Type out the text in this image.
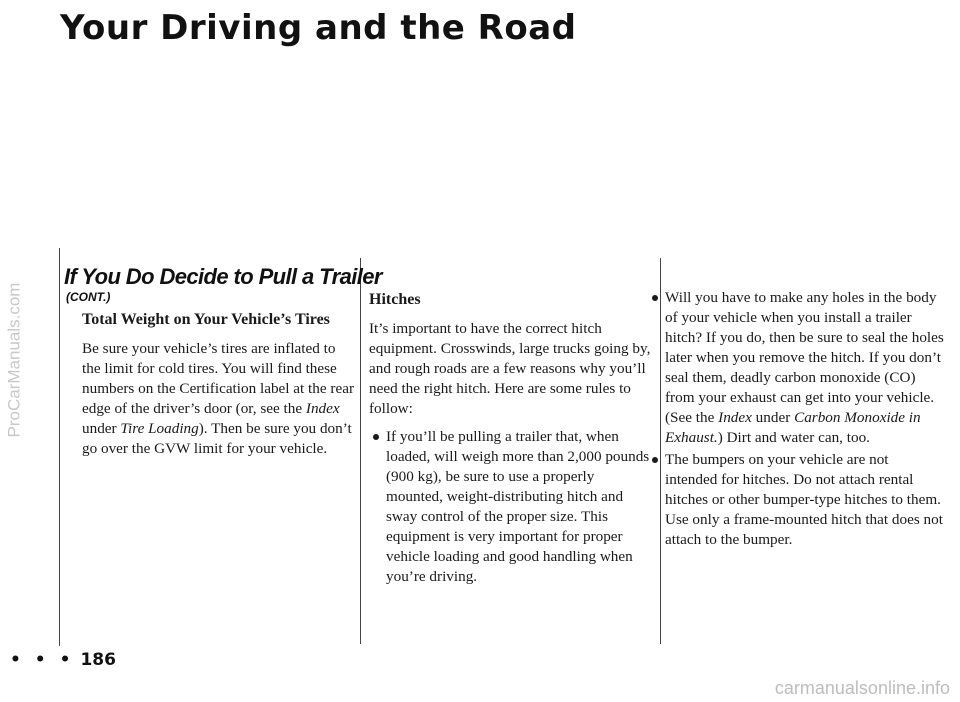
Your Driving and the Road
ProCarManuals.com
If You Do Decide to Pull a Trailer
(CONT.)
Total Weight on Your Vehicle’s Tires

Be sure your vehicle’s tires are inflated to the limit for cold tires. You will find these numbers on the Certification label at the rear edge of the driver’s door (or, see the Index under Tire Loading). Then be sure you don’t go over the GVW limit for your vehicle.

Hitches

It’s important to have the correct hitch equipment. Crosswinds, large trucks going by, and rough roads are a few reasons why you’ll need the right hitch. Here are some rules to follow:

If you’ll be pulling a trailer that, when loaded, will weigh more than 2,000 pounds (900 kg), be sure to use a properly mounted, weight-distributing hitch and sway control of the proper size. This equipment is very important for proper vehicle loading and good handling when you’re driving.
Will you have to make any holes in the body of your vehicle when you install a trailer hitch? If you do, then be sure to seal the holes later when you remove the hitch. If you don’t seal them, deadly carbon monoxide (CO) from your exhaust can get into your vehicle. (See the Index under Carbon Monoxide in Exhaust.) Dirt and water can, too.
The bumpers on your vehicle are not intended for hitches. Do not attach rental hitches or other bumper-type hitches to them. Use only a frame-mounted hitch that does not attach to the bumper.
• • • 186
carmanualsonline.info
